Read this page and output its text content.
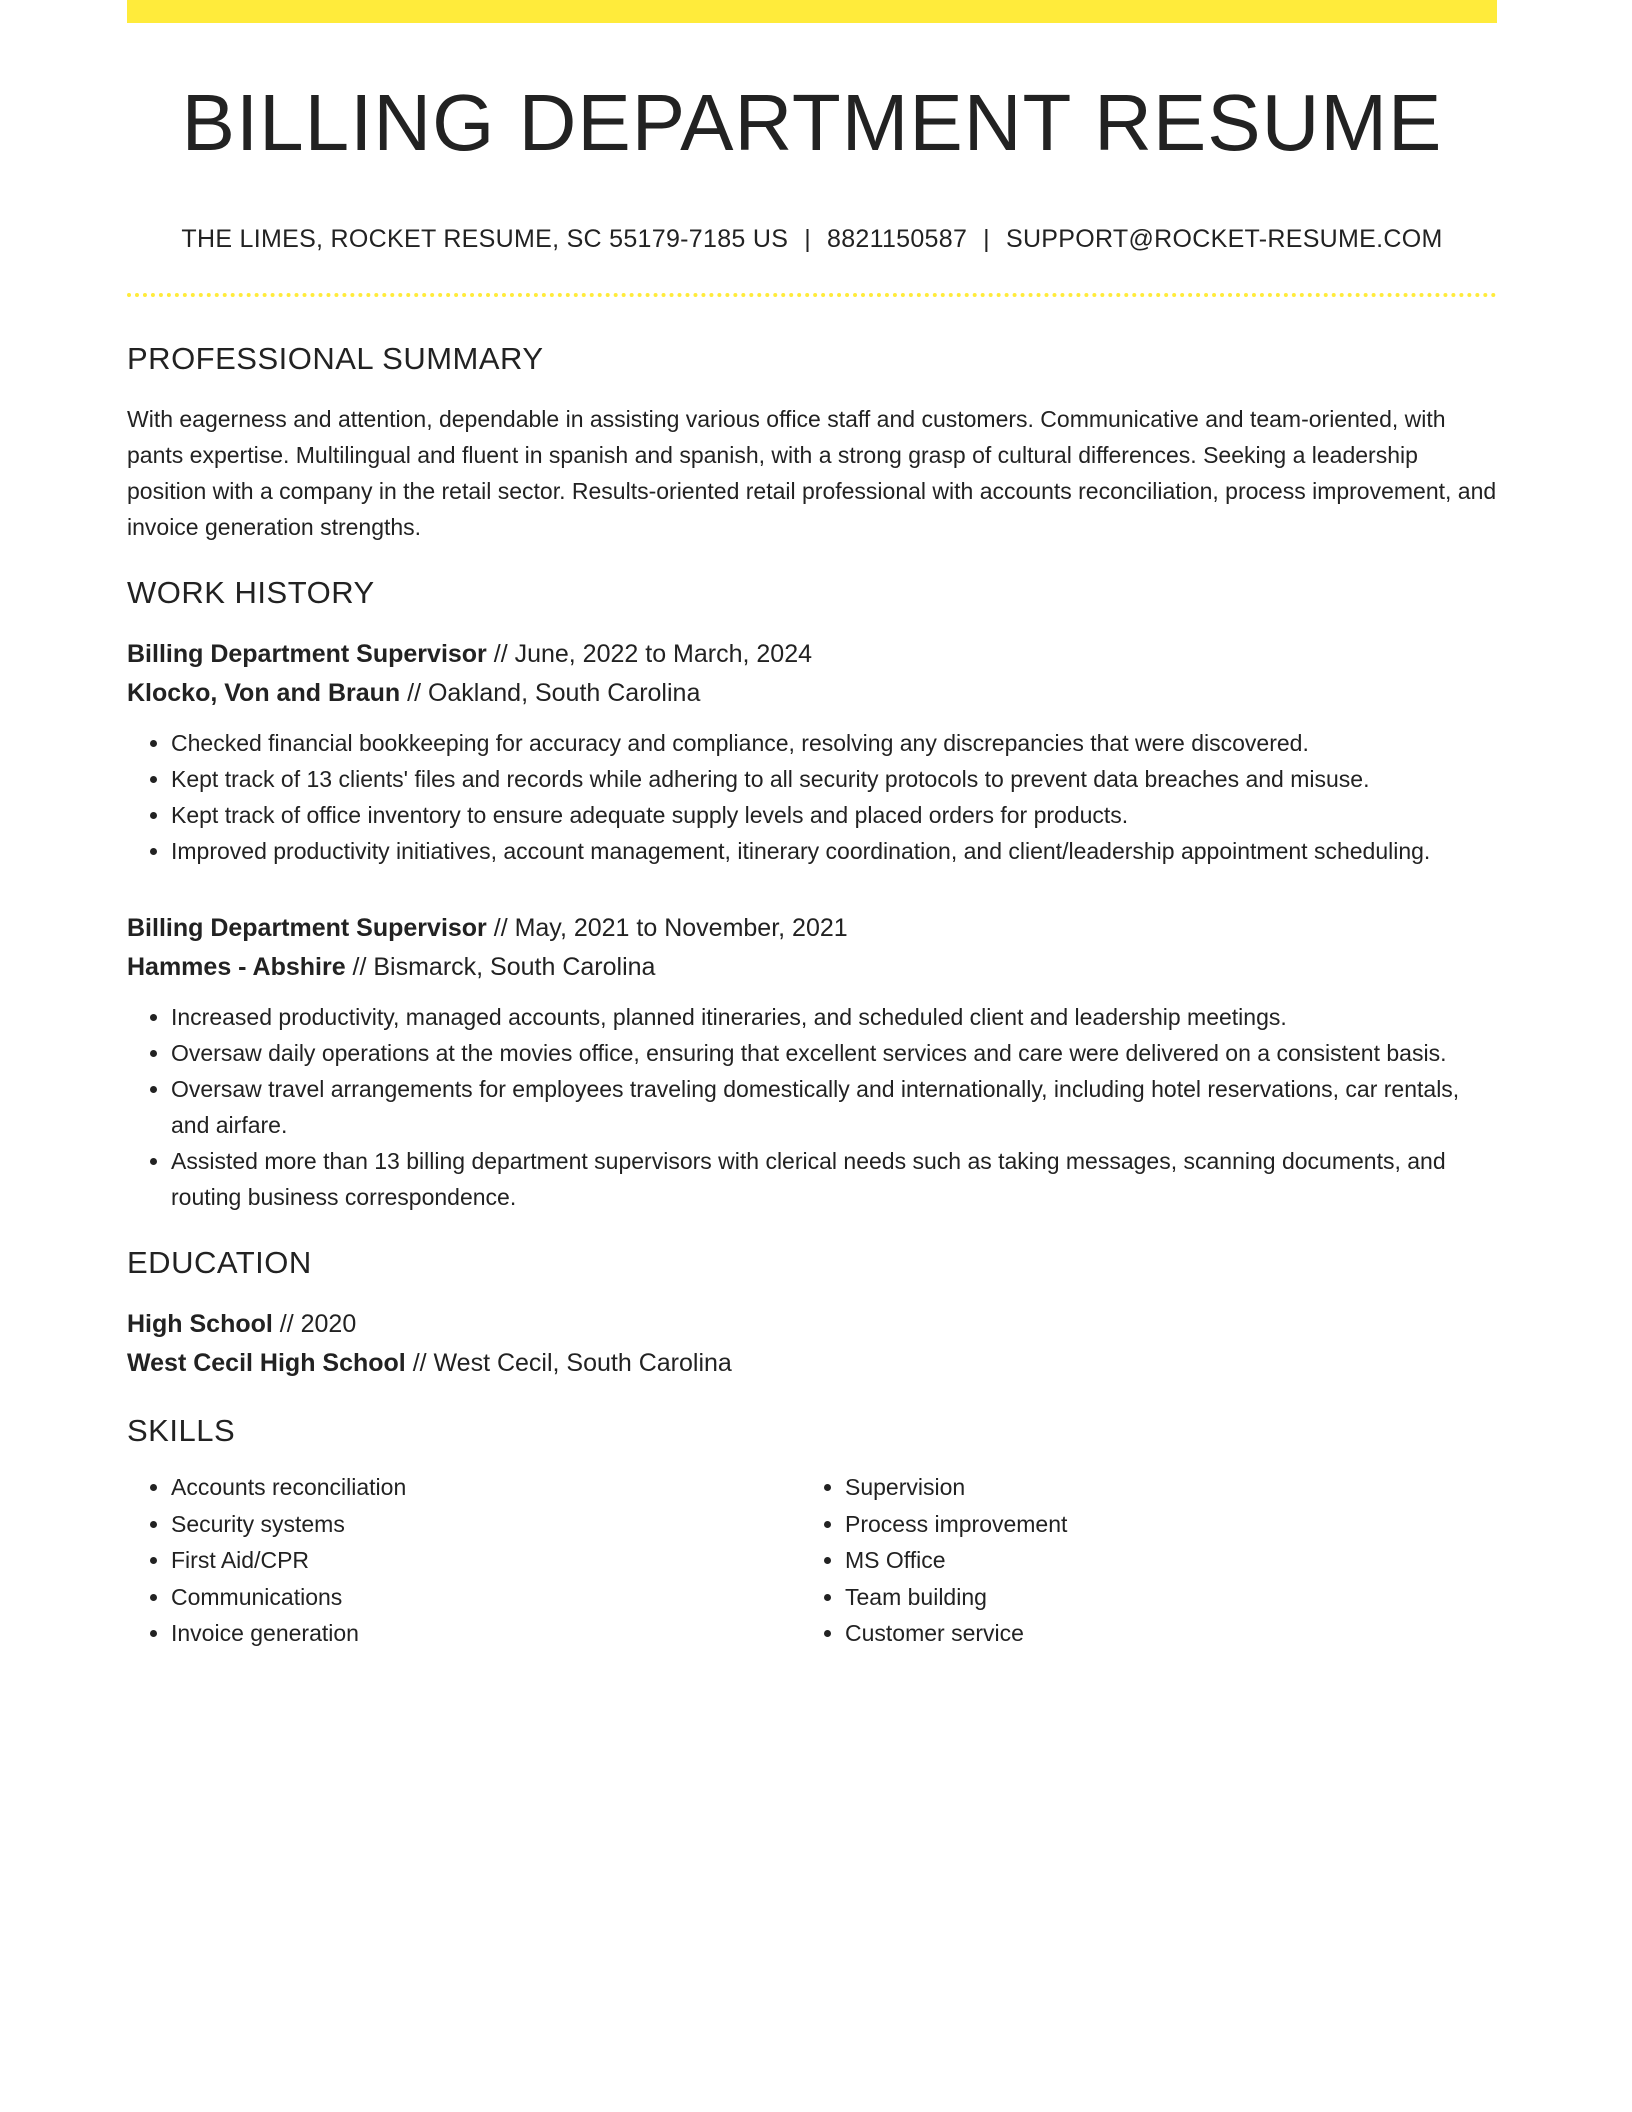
BILLING DEPARTMENT RESUME
THE LIMES, ROCKET RESUME, SC 55179-7185 US | 8821150587 | SUPPORT@ROCKET-RESUME.COM
PROFESSIONAL SUMMARY
With eagerness and attention, dependable in assisting various office staff and customers. Communicative and team-oriented, with pants expertise. Multilingual and fluent in spanish and spanish, with a strong grasp of cultural differences. Seeking a leadership position with a company in the retail sector. Results-oriented retail professional with accounts reconciliation, process improvement, and invoice generation strengths.
WORK HISTORY
Billing Department Supervisor // June, 2022 to March, 2024
Klocko, Von and Braun // Oakland, South Carolina
• Checked financial bookkeeping for accuracy and compliance, resolving any discrepancies that were discovered.
• Kept track of 13 clients' files and records while adhering to all security protocols to prevent data breaches and misuse.
• Kept track of office inventory to ensure adequate supply levels and placed orders for products.
• Improved productivity initiatives, account management, itinerary coordination, and client/leadership appointment scheduling.
Billing Department Supervisor // May, 2021 to November, 2021
Hammes - Abshire // Bismarck, South Carolina
• Increased productivity, managed accounts, planned itineraries, and scheduled client and leadership meetings.
• Oversaw daily operations at the movies office, ensuring that excellent services and care were delivered on a consistent basis.
• Oversaw travel arrangements for employees traveling domestically and internationally, including hotel reservations, car rentals, and airfare.
• Assisted more than 13 billing department supervisors with clerical needs such as taking messages, scanning documents, and routing business correspondence.
EDUCATION
High School // 2020
West Cecil High School // West Cecil, South Carolina
SKILLS
• Accounts reconciliation
• Security systems
• First Aid/CPR
• Communications
• Invoice generation
• Supervision
• Process improvement
• MS Office
• Team building
• Customer service
